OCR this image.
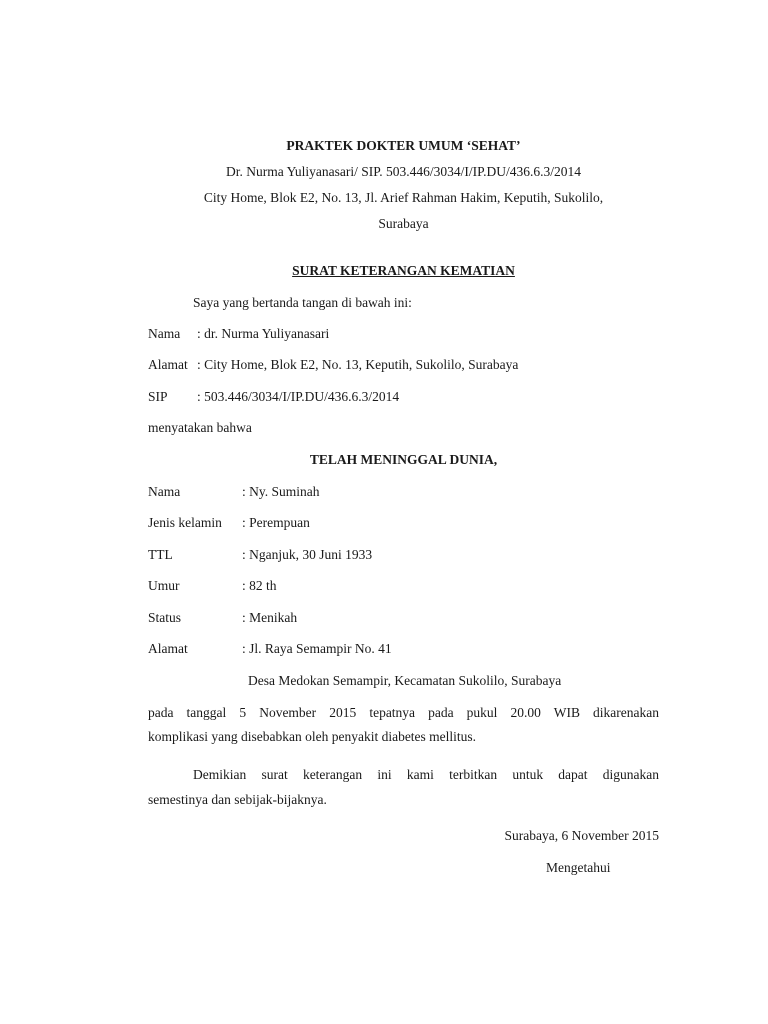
PRAKTEK DOKTER UMUM ‘SEHAT’
Dr. Nurma Yuliyanasari/ SIP. 503.446/3034/I/IP.DU/436.6.3/2014
City Home, Blok E2, No. 13, Jl. Arief Rahman Hakim, Keputih, Sukolilo,
Surabaya
SURAT KETERANGAN KEMATIAN
Saya yang bertanda tangan di bawah ini:
Nama : dr. Nurma Yuliyanasari
Alamat : City Home, Blok E2, No. 13, Keputih, Sukolilo, Surabaya
SIP : 503.446/3034/I/IP.DU/436.6.3/2014
menyatakan bahwa
TELAH MENINGGAL DUNIA,
Nama	: Ny. Suminah
Jenis kelamin : Perempuan
TTL	: Nganjuk, 30 Juni 1933
Umur	: 82 th
Status	: Menikah
Alamat	: Jl. Raya Semampir No. 41
Desa Medokan Semampir, Kecamatan Sukolilo, Surabaya
pada tanggal 5 November 2015 tepatnya pada pukul 20.00 WIB dikarenakan
komplikasi yang disebabkan oleh penyakit diabetes mellitus.
Demikian surat keterangan ini kami terbitkan untuk dapat digunakan
semestinya dan sebijak-bijaknya.
Surabaya, 6 November 2015
Mengetahui
